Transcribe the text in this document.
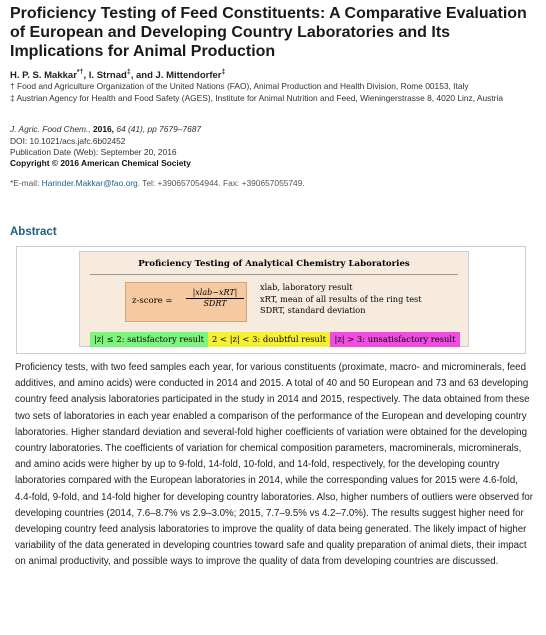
Proficiency Testing of Feed Constituents: A Comparative Evaluation of European and Developing Country Laboratories and Its Implications for Animal Production
H. P. S. Makkar*†, I. Strnad‡, and J. Mittendorfer‡
† Food and Agriculture Organization of the United Nations (FAO), Animal Production and Health Division, Rome 00153, Italy
‡ Austrian Agency for Health and Food Safety (AGES), Institute for Animal Nutrition and Feed, Wieningerstrasse 8, 4020 Linz, Austria
J. Agric. Food Chem., 2016, 64 (41), pp 7679–7687
DOI: 10.1021/acs.jafc.6b02452
Publication Date (Web): September 20, 2016
Copyright © 2016 American Chemical Society
*E-mail: Harinder.Makkar@fao.org. Tel: +390657054944. Fax: +390657055749.
Abstract
Proficiency Testing of Analytical Chemistry Laboratories
z-score =
|xlab−xRT|
SDRT
xlab, laboratory result
xRT, mean of all results of the ring test
SDRT, standard deviation
|z| ≤ 2: satisfactory result 2 < |z| < 3: doubtful result	|z| > 3: unsatisfactory result
Proficiency tests, with two feed samples each year, for various constituents (proximate, macro- and microminerals, feed additives, and amino acids) were conducted in 2014 and 2015. A total of 40 and 50 European and 73 and 63 developing country feed analysis laboratories participated in the study in 2014 and 2015, respectively. The data obtained from these two sets of laboratories in each year enabled a comparison of the performance of the European and developing country laboratories. Higher standard deviation and several-fold higher coefficients of variation were obtained for the developing country laboratories. The coefficients of variation for chemical composition parameters, macrominerals, microminerals, and amino acids were higher by up to 9-fold, 14-fold, 10-fold, and 14-fold, respectively, for the developing country laboratories compared with the European laboratories in 2014, while the corresponding values for 2015 were 4.6-fold, 4.4-fold, 9-fold, and 14-fold higher for developing country laboratories. Also, higher numbers of outliers were observed for developing countries (2014, 7.6–8.7% vs 2.9–3.0%; 2015, 7.7–9.5% vs 4.2–7.0%). The results suggest higher need for developing country feed analysis laboratories to improve the quality of data being generated. The likely impact of higher variability of the data generated in developing countries toward safe and quality preparation of animal diets, their impact on animal productivity, and possible ways to improve the quality of data from developing countries are discussed.
